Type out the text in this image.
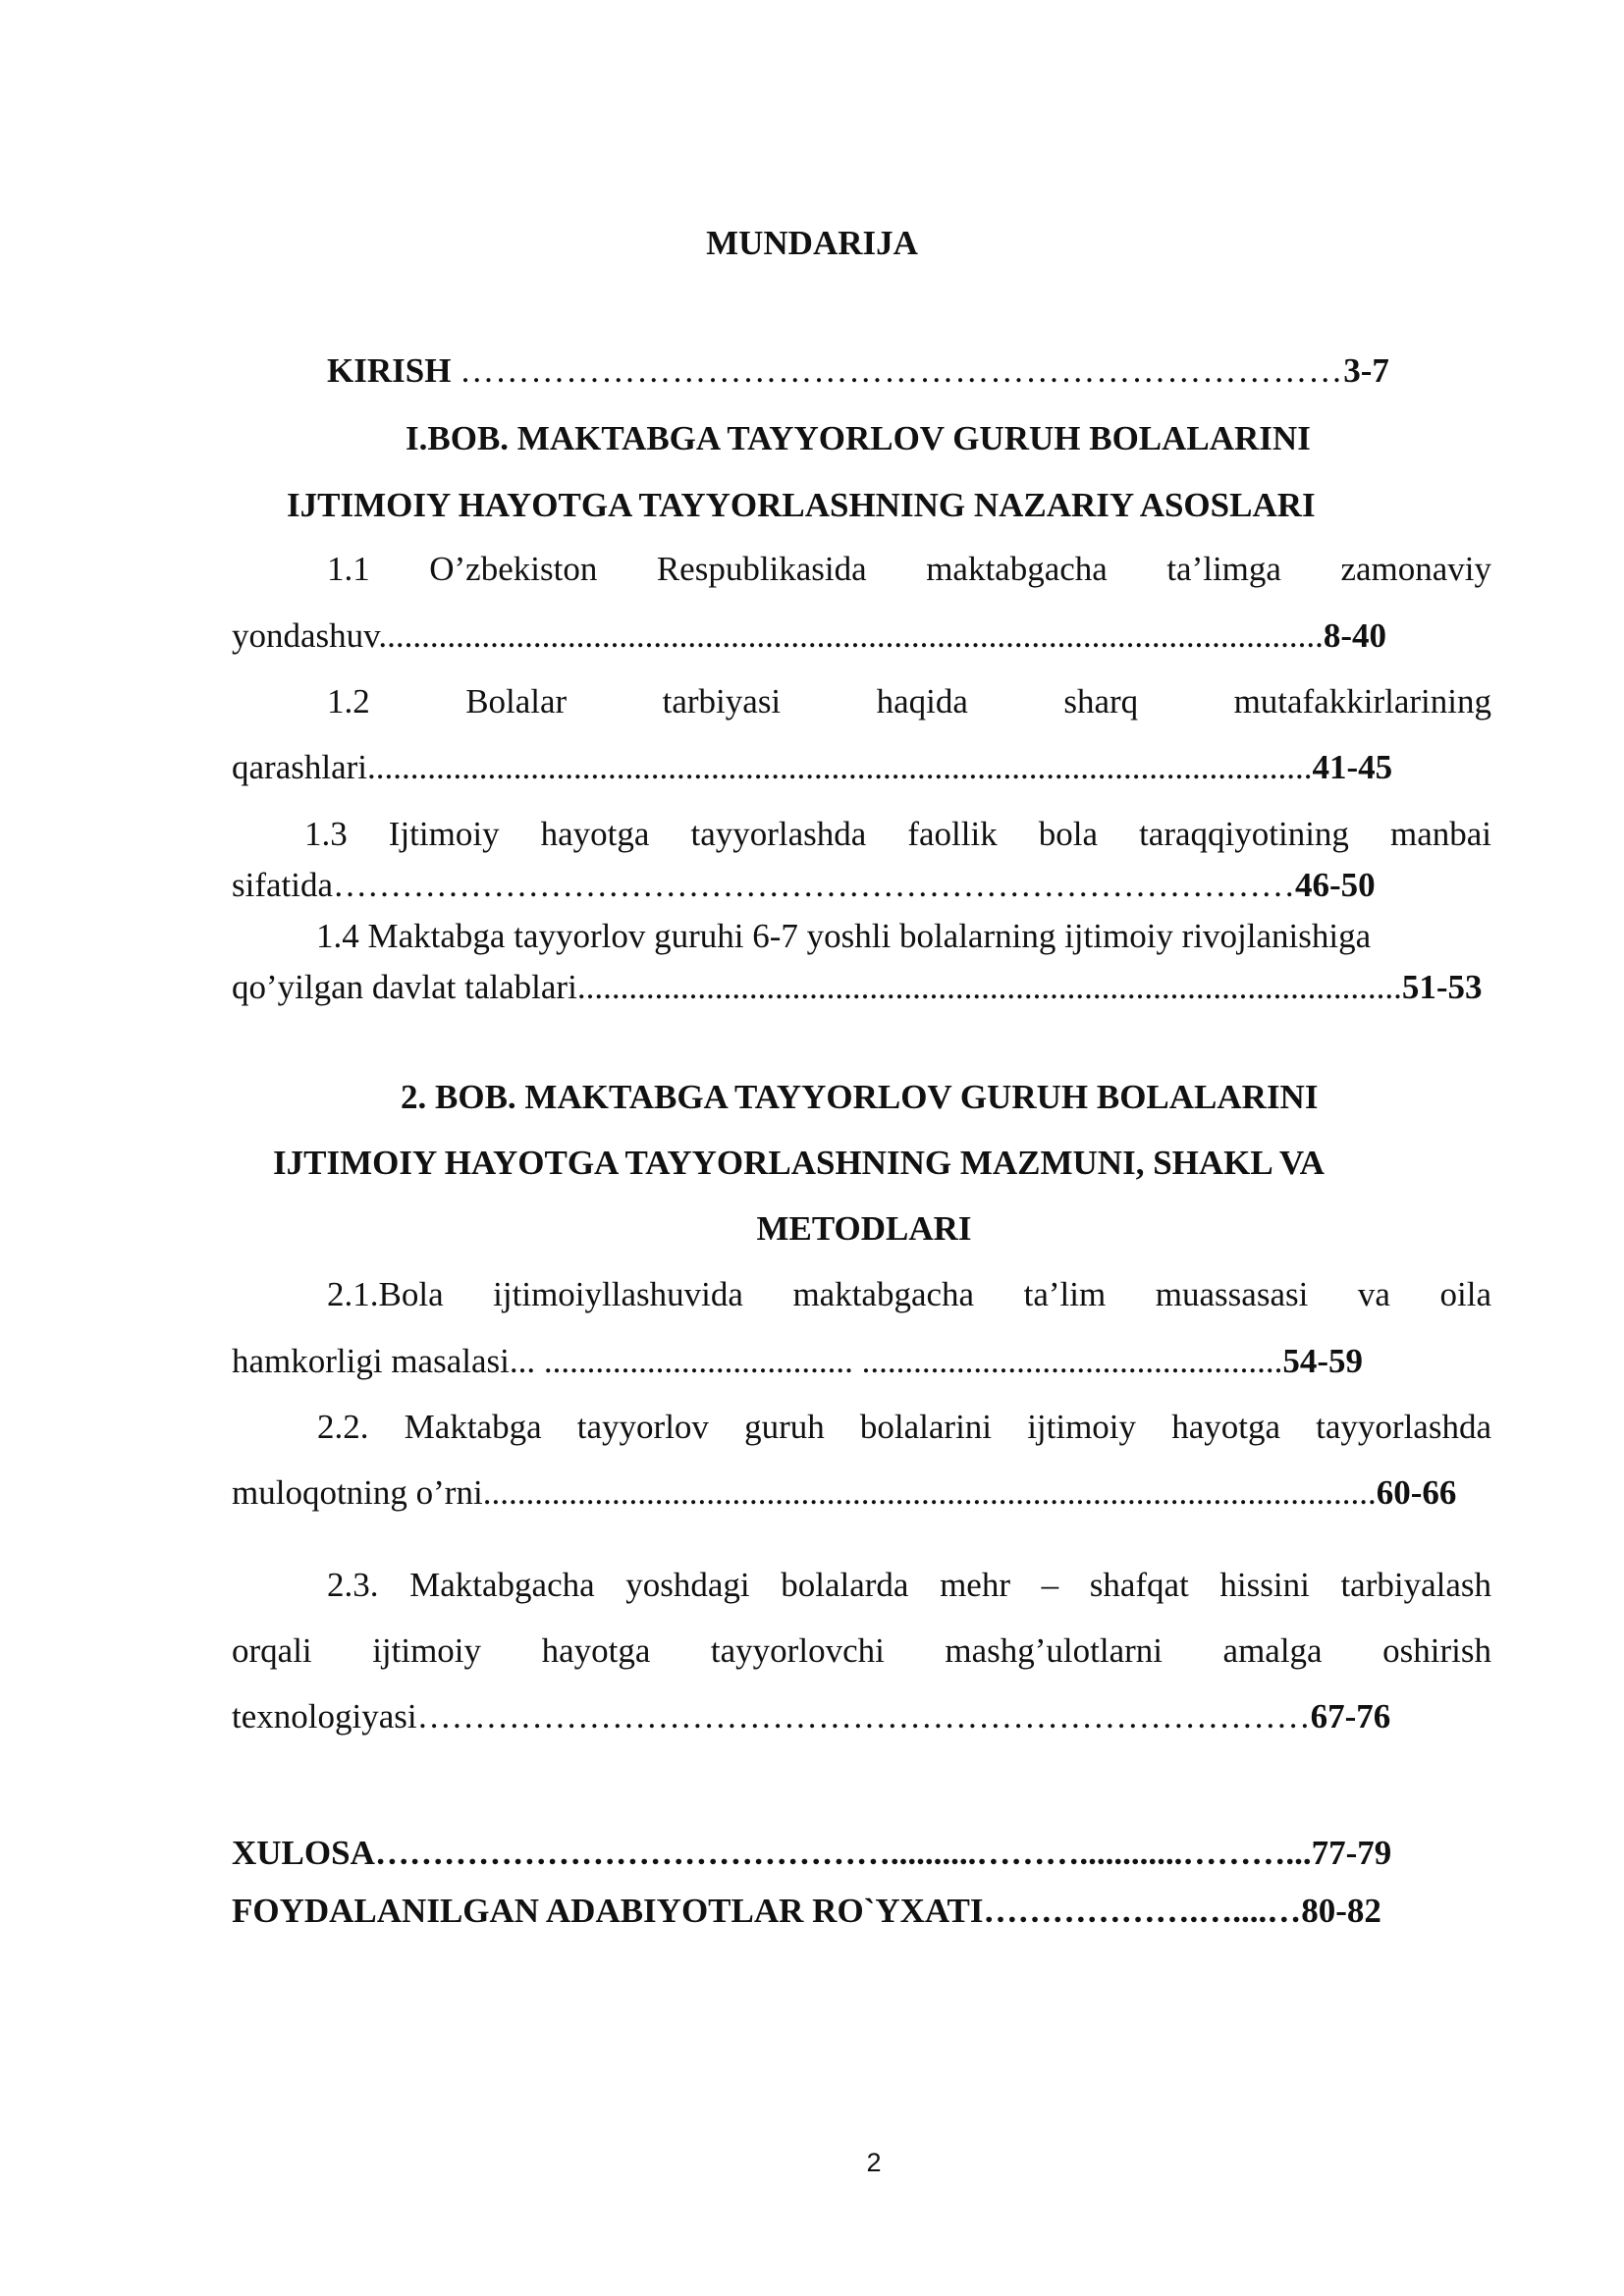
MUNDARIJA
KIRISH …………………………………………………………………3-7
I.BOB. MAKTABGA TAYYORLOV GURUH BOLALARINI
IJTIMOIY HAYOTGA TAYYORLASHNING NAZARIY ASOSLARI
1.1 O’zbekiston Respublikasida maktabgacha ta’limga zamonaviy
yondashuv..............................................................................................................8-40
1.2 Bolalar tarbiyasi haqida sharq mutafakkirlarining
qarashlari..............................................................................................................41-45
1.3 Ijtimoiy hayotga tayyorlashda faollik bola taraqqiyotining manbai
sifatida…………………………………………………………………………46-50
1.4 Maktabga tayyorlov guruhi 6-7 yoshli bolalarning ijtimoiy rivojlanishiga
qo’yilgan davlat talablari................................................................................................51-53
2. BOB. MAKTABGA TAYYORLOV GURUH BOLALARINI
IJTIMOIY HAYOTGA TAYYORLASHNING MAZMUNI, SHAKL VA
METODLARI
2.1.Bola ijtimoiyllashuvida maktabgacha ta’lim muassasasi va oila
hamkorligi masalasi... .................................... .................................................54-59
2.2. Maktabga tayyorlov guruh bolalarini ijtimoiy hayotga tayyorlashda
muloqotning o’rni........................................................................................................60-66
2.3. Maktabgacha yoshdagi bolalarda mehr – shafqat hissini tarbiyalash
orqali ijtimoiy hayotga tayyorlovchi mashg’ulotlarni amalga oshirish
texnologiyasi……………………………………………………………………67-76
XULOSA………………………………………..........………............………...77-79
FOYDALANILGAN ADABIYOTLAR RO`YXATI……………….…....…80-82
2
